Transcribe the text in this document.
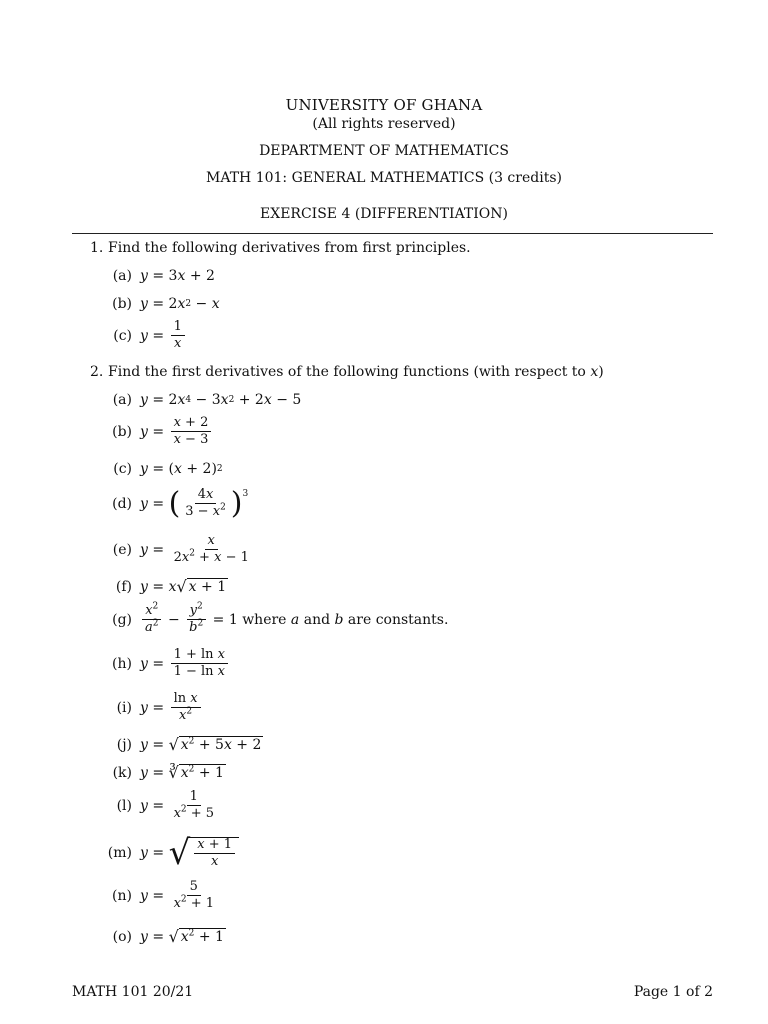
UNIVERSITY OF GHANA
(All rights reserved)
DEPARTMENT OF MATHEMATICS
MATH 101: GENERAL MATHEMATICS (3 credits)
EXERCISE 4 (DIFFERENTIATION)
1. Find the following derivatives from first principles.
(a) y = 3 x + 2
(b) y = 2 x 2 − x
(c) $y = \frac{1}{x}$
2. Find the first derivatives of the following functions (with respect to
x )
(a) y = 2 x 4 − 3 x 2 + 2 x − 5
(b) $y = \frac{x + 2}{x - 3}$
(c) y = ( x + 2) 2
(d) y = ( $\frac{4x}{3 - x^2} )^3$
(e) $y = \frac{x}{2x^2 + x - 1}$
(f) y = x √ x + 1
$(g) \frac{x^2}{a^2} - \frac{y^2}{b^2} = 1$ where a and b are constants.
(h) $y = \frac{\text{1 + ln x}}{\text{1 − ln x}}$
(i) $y = \frac{\text{ln x}}{x^2}$
(j) y = √ $x^2 + 5x + 2$
(k) y = ∛ $x^2 + 1$
(l) $y = \frac{1}{x^2 + 5}$
(m) y = √ $\frac{x + 1}{x}$
(n) $y = \frac{5}{x^2 + 1}$
(o) y = √ $x^2 + 1$
MATH 101 20/21	Page 1 of 2
